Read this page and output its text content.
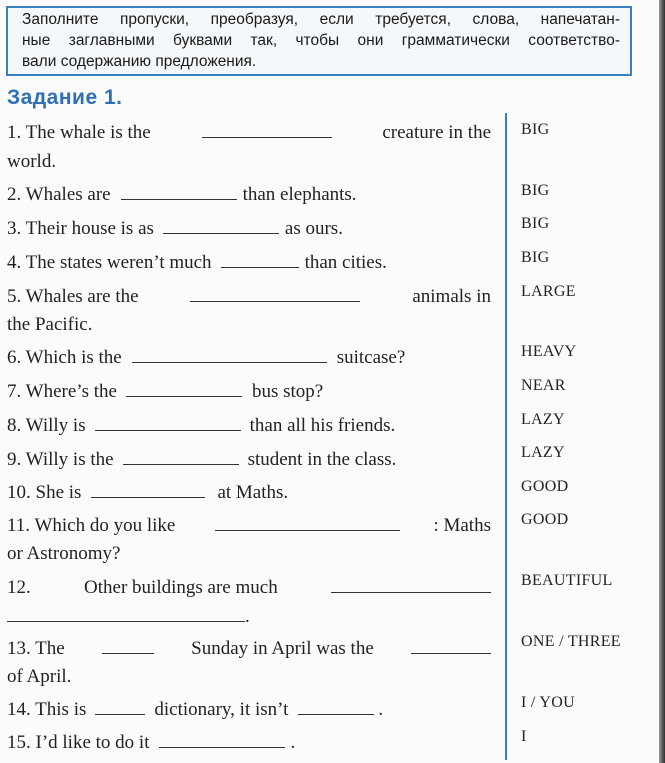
Заполните пропуски, преобразуя, если требуется, слова, напечатан-
ные заглавными буквами так, чтобы они грамматически соответство-
вали содержанию предложения.
Задание 1.
1. The whale is the	creature in the
world.
BIG
2. Whales are	than elephants.	BIG
3. Their house is as	as ours.	BIG
4. The states weren’t much	than cities.	BIG
5. Whales are the	animals in
the Pacific.
LARGE
6. Which is the	suitcase?	HEAVY
7. Where’s the	bus stop?	NEAR
8. Willy is	than all his friends.	LAZY
9. Willy is the	student in the class.	LAZY
10. She is	at Maths.	GOOD
11. Which do you like	: Maths
or Astronomy?
GOOD
12.	Other buildings are much
.
BEAUTIFUL
13. The	Sunday in April was the
of April.
ONE / THREE
14. This is	dictionary, it isn’t	.	I / YOU
15. I’d like to do it	.	I
